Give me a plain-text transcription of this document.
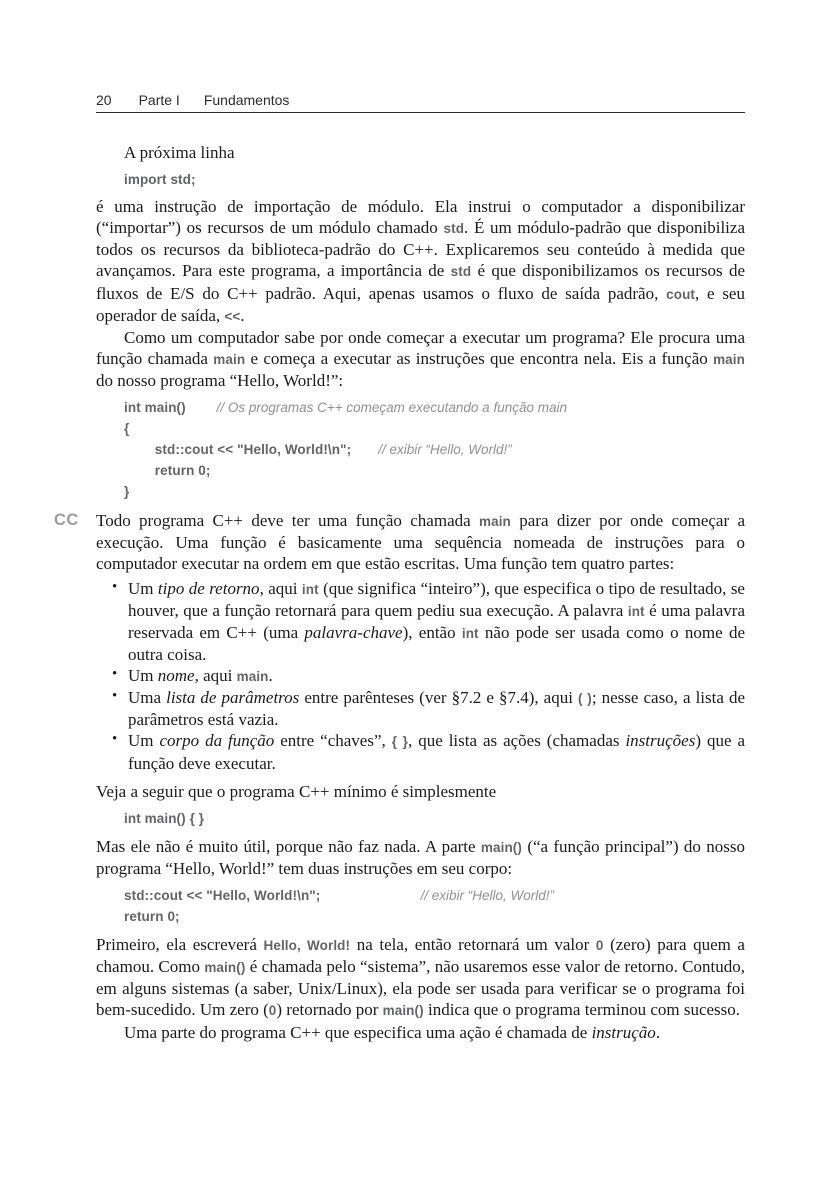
20 Parte I Fundamentos

A próxima linha

import std;

é uma instrução de importação de módulo. Ela instrui o computador a disponibilizar (“importar”) os recursos de um módulo chamado std. É um módulo-padrão que disponibiliza todos os recursos da biblioteca-padrão do C++. Explicaremos seu conteúdo à medida que avançamos. Para este programa, a importância de std é que disponibilizamos os recursos de fluxos de E/S do C++ padrão. Aqui, apenas usamos o fluxo de saída padrão, cout, e seu operador de saída, <<.

Como um computador sabe por onde começar a executar um programa? Ele procura uma função chamada main e começa a executar as instruções que encontra nela. Eis a função main do nosso programa “Hello, World!”:

int main() // Os programas C++ começam executando a função main
{
std::cout << "Hello, World!\n"; // exibir “Hello, World!”
return 0;
}

CC Todo programa C++ deve ter uma função chamada main para dizer por onde começar a execução. Uma função é basicamente uma sequência nomeada de instruções para o computador executar na ordem em que estão escritas. Uma função tem quatro partes:

• Um tipo de retorno, aqui int (que significa “inteiro”), que especifica o tipo de resultado, se houver, que a função retornará para quem pediu sua execução. A palavra int é uma palavra reservada em C++ (uma palavra-chave), então int não pode ser usada como o nome de outra coisa.
• Um nome, aqui main.
• Uma lista de parâmetros entre parênteses (ver §7.2 e §7.4), aqui ( ); nesse caso, a lista de parâmetros está vazia.
• Um corpo da função entre “chaves”, { }, que lista as ações (chamadas instruções) que a função deve executar.

Veja a seguir que o programa C++ mínimo é simplesmente

int main() { }

Mas ele não é muito útil, porque não faz nada. A parte main() (“a função principal”) do nosso programa “Hello, World!” tem duas instruções em seu corpo:

std::cout << "Hello, World!\n";	// exibir “Hello, World!”
return 0;

Primeiro, ela escreverá Hello, World! na tela, então retornará um valor 0 (zero) para quem a chamou. Como main() é chamada pelo “sistema”, não usaremos esse valor de retorno. Contudo, em alguns sistemas (a saber, Unix/Linux), ela pode ser usada para verificar se o programa foi bem-sucedido. Um zero (0) retornado por main() indica que o programa terminou com sucesso.

Uma parte do programa C++ que especifica uma ação é chamada de instrução.
